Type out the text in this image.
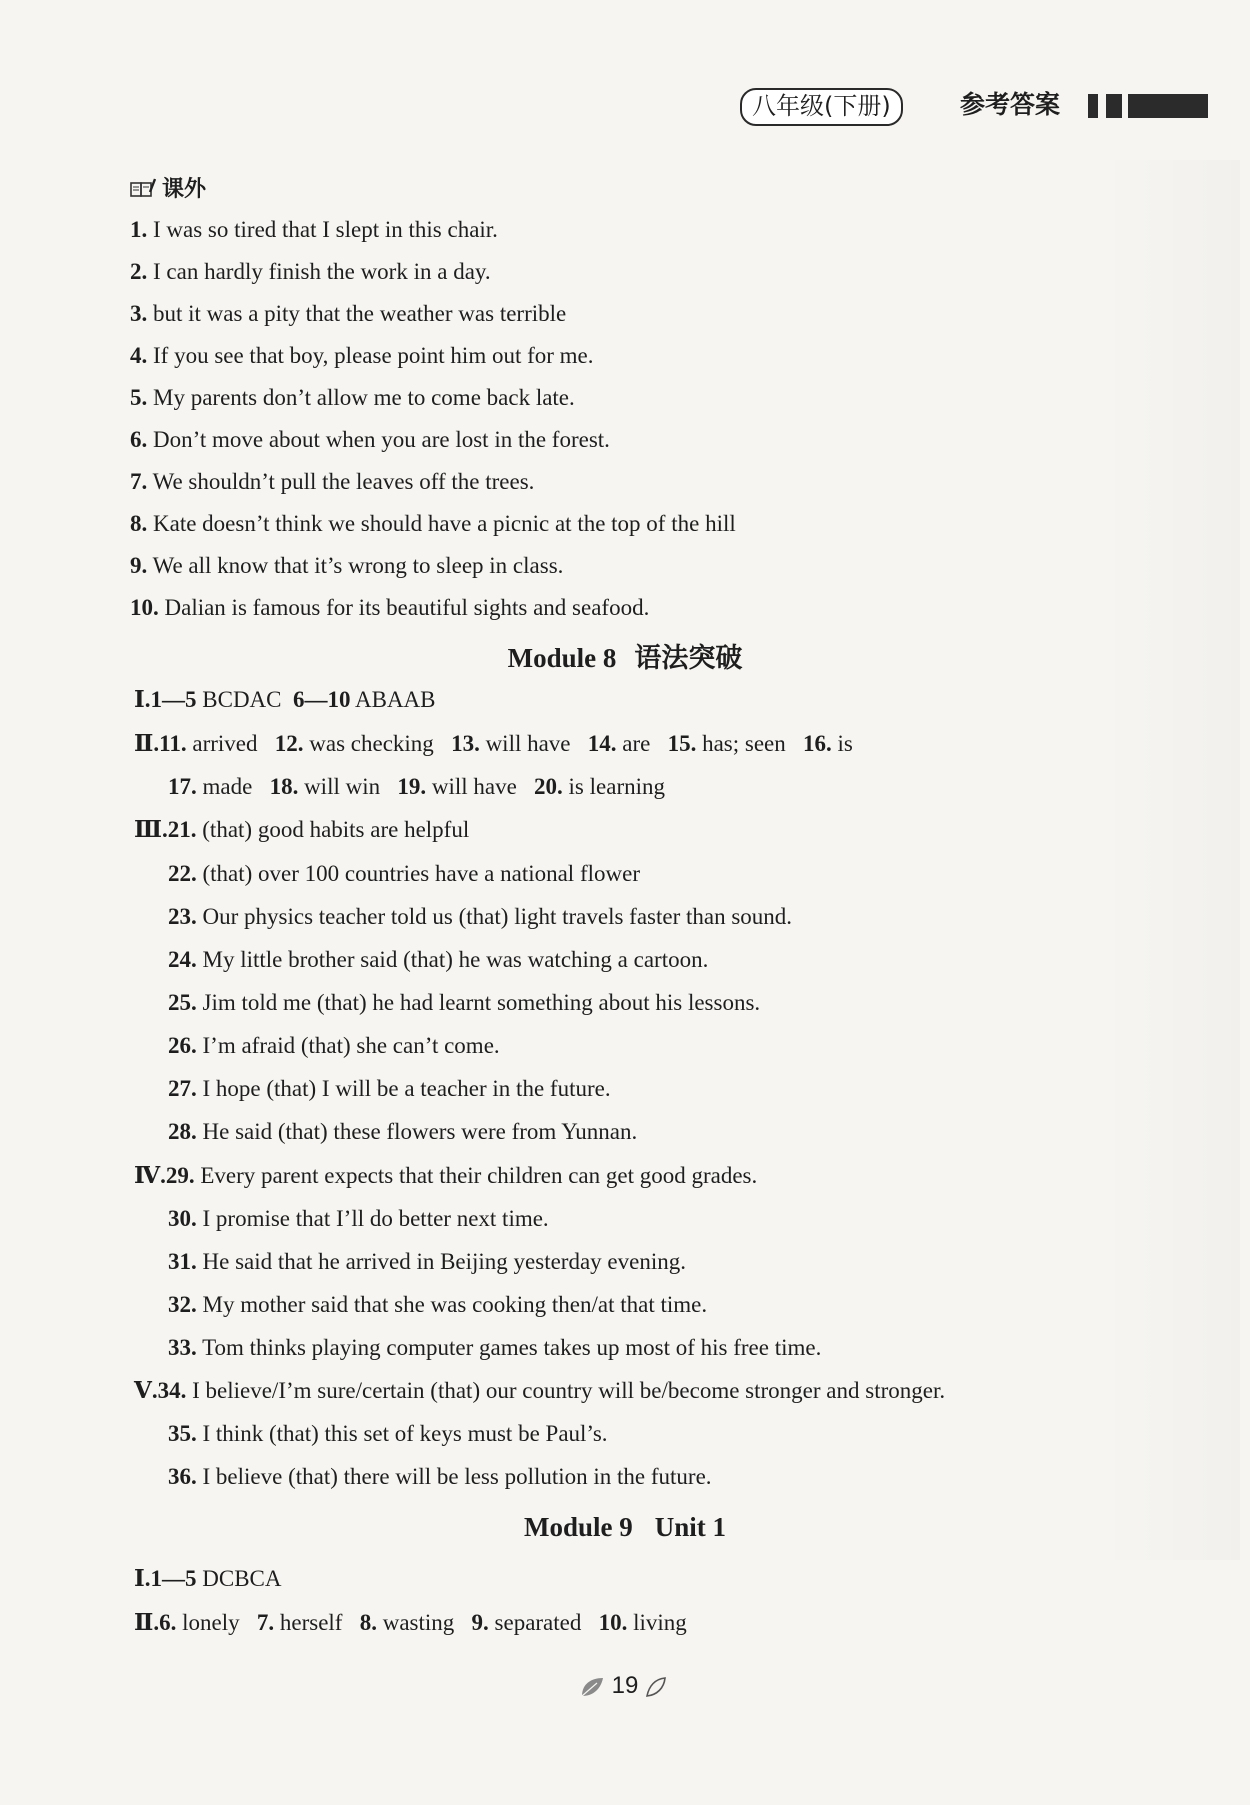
八年级(下册)	参考答案
课外
1. I was so tired that I slept in this chair.
2. I can hardly finish the work in a day.
3. but it was a pity that the weather was terrible
4. If you see that boy, please point him out for me.
5. My parents don’t allow me to come back late.
6. Don’t move about when you are lost in the forest.
7. We shouldn’t pull the leaves off the trees.
8. Kate doesn’t think we should have a picnic at the top of the hill
9. We all know that it’s wrong to sleep in class.
10. Dalian is famous for its beautiful sights and seafood.
Module 8 语法突破
Ⅰ.1—5 BCDAC  6—10 ABAAB
Ⅱ.11. arrived   12. was checking   13. will have   14. are   15. has; seen   16. is
17. made   18. will win   19. will have   20. is learning
Ⅲ.21. (that) good habits are helpful
22. (that) over 100 countries have a national flower
23. Our physics teacher told us (that) light travels faster than sound.
24. My little brother said (that) he was watching a cartoon.
25. Jim told me (that) he had learnt something about his lessons.
26. I’m afraid (that) she can’t come.
27. I hope (that) I will be a teacher in the future.
28. He said (that) these flowers were from Yunnan.
Ⅳ.29. Every parent expects that their children can get good grades.
30. I promise that I’ll do better next time.
31. He said that he arrived in Beijing yesterday evening.
32. My mother said that she was cooking then/at that time.
33. Tom thinks playing computer games takes up most of his free time.
Ⅴ.34. I believe/I’m sure/certain (that) our country will be/become stronger and stronger.
35. I think (that) this set of keys must be Paul’s.
36. I believe (that) there will be less pollution in the future.
Module 9 Unit 1
Ⅰ.1—5 DCBCA
Ⅱ.6. lonely   7. herself   8. wasting   9. separated   10. living
19
